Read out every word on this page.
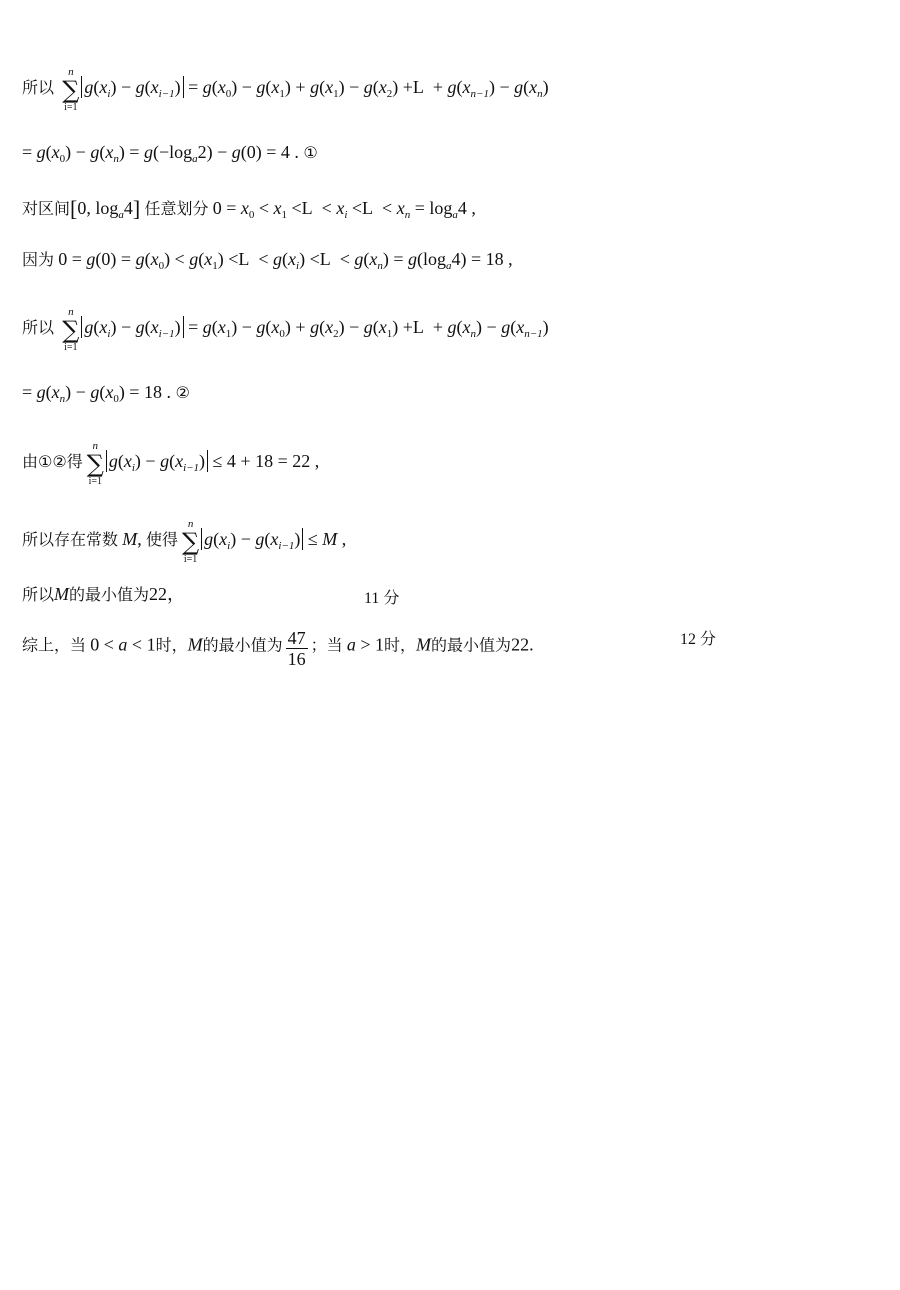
所以
n
∑
i=1
$g(x_i) - g(x_{i-1}) = g(x_0) - g(x_1) + g(x_1) - g(x_2) +L + g(x_{n-1}) - g(x_n)$
= $g(x_0) - g(x_n) = g(-\log_a2) - g(0) = 4$ . ①
对区间[0, $\log_a4$] 任意划分 $0 = x_0 < x_1 <L < x_i <L < x_n = \log_a4$ ,
因为 $0 = g(0) = g(x_0) < g(x_1) <L < g(x_i) <L < g(x_n) = g(\log_a4) = 18$ ,
所以
n
∑
i=1
$g(x_i) - g(x_{i-1}) = g(x_1) - g(x_0) + g(x_2) - g(x_1) +L + g(x_n) - g(x_{n-1})$
= $g(x_n) - g(x_0) = 18$ . ②
由①②得
n
∑
i=1
$g(x_i) - g(x_{i-1}) \le 4 + 18 = 22$ ,
所以存在常数 M, 使得
n
∑
i=1
$g(x_i) - g(x_{i-1}) \le M$ ,
所以M的最小值为22，	11 分
综上，当 0 < a < 1时，M的最小值为 $\frac{47}{16}$ ；当 a > 1时，M的最小值为22.	12 分
